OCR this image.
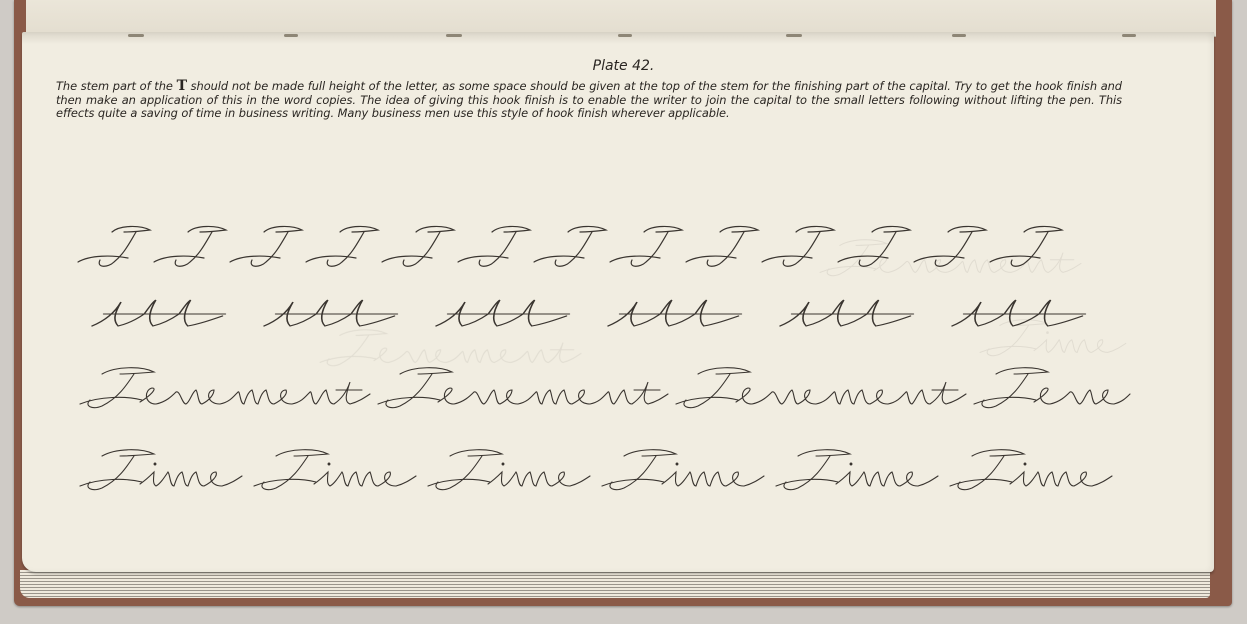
Plate 42.
The stem part of the T should not be made full height of the letter, as some space should be given at the top of the stem for the finishing part of the capital. Try to get the hook finish and then make an application of this in the word copies. The idea of giving this hook finish is to enable the writer to join the capital to the small letters following without lifting the pen. This effects quite a saving of time in business writing. Many business men use this style of hook finish wherever applicable.
